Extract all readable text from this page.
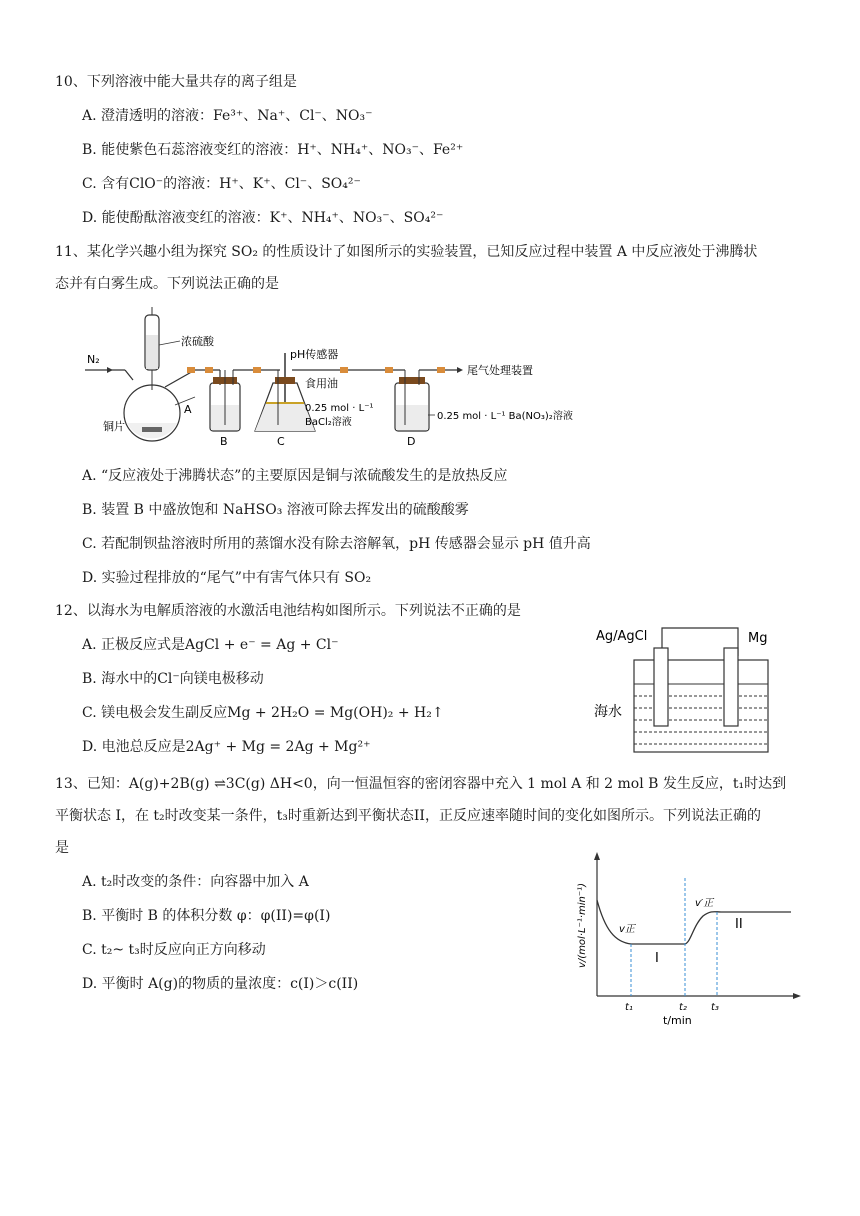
10、下列溶液中能大量共存的离子组是
A. 澄清透明的溶液：Fe³⁺、Na⁺、Cl⁻、NO₃⁻
B. 能使紫色石蕊溶液变红的溶液：H⁺、NH₄⁺、NO₃⁻、Fe²⁺
C. 含有ClO⁻的溶液：H⁺、K⁺、Cl⁻、SO₄²⁻
D. 能使酚酞溶液变红的溶液：K⁺、NH₄⁺、NO₃⁻、SO₄²⁻
11、某化学兴趣小组为探究 SO₂ 的性质设计了如图所示的实验装置，已知反应过程中装置 A 中反应液处于沸腾状
态并有白雾生成。下列说法正确的是
N₂
浓硫酸
A
铜片
B
pH传感器
食用油
0.25 mol · L⁻¹
BaCl₂溶液
C
0.25 mol · L⁻¹ Ba(NO₃)₂溶液
D
尾气处理装置
A. “反应液处于沸腾状态”的主要原因是铜与浓硫酸发生的是放热反应
B. 装置 B 中盛放饱和 NaHSO₃ 溶液可除去挥发出的硫酸酸雾
C. 若配制钡盐溶液时所用的蒸馏水没有除去溶解氧，pH 传感器会显示 pH 值升高
D. 实验过程排放的“尾气”中有害气体只有 SO₂
12、以海水为电解质溶液的水激活电池结构如图所示。下列说法不正确的是
A. 正极反应式是AgCl + e⁻ = Ag + Cl⁻
B. 海水中的Cl⁻向镁电极移动
C. 镁电极会发生副反应Mg + 2H₂O = Mg(OH)₂ + H₂↑
D. 电池总反应是2Ag⁺ + Mg = 2Ag + Mg²⁺
Ag/AgCl	Mg
海水
13、已知：A(g)+2B(g) ⇌3C(g) ΔH<0，向一恒温恒容的密闭容器中充入 1 mol A 和 2 mol B 发生反应，t₁时达到
平衡状态 I，在 t₂时改变某一条件，t₃时重新达到平衡状态II，正反应速率随时间的变化如图所示。下列说法正确的
是
A. t₂时改变的条件：向容器中加入 A
B. 平衡时 B 的体积分数 φ：φ(II)=φ(I)
C. t₂~ t₃时反应向正方向移动
D. 平衡时 A(g)的物质的量浓度：c(I)＞c(II)
v/(mol·L⁻¹·min⁻¹)	v正
v′正
I
II
t₁	t₂ t₃
t/min
